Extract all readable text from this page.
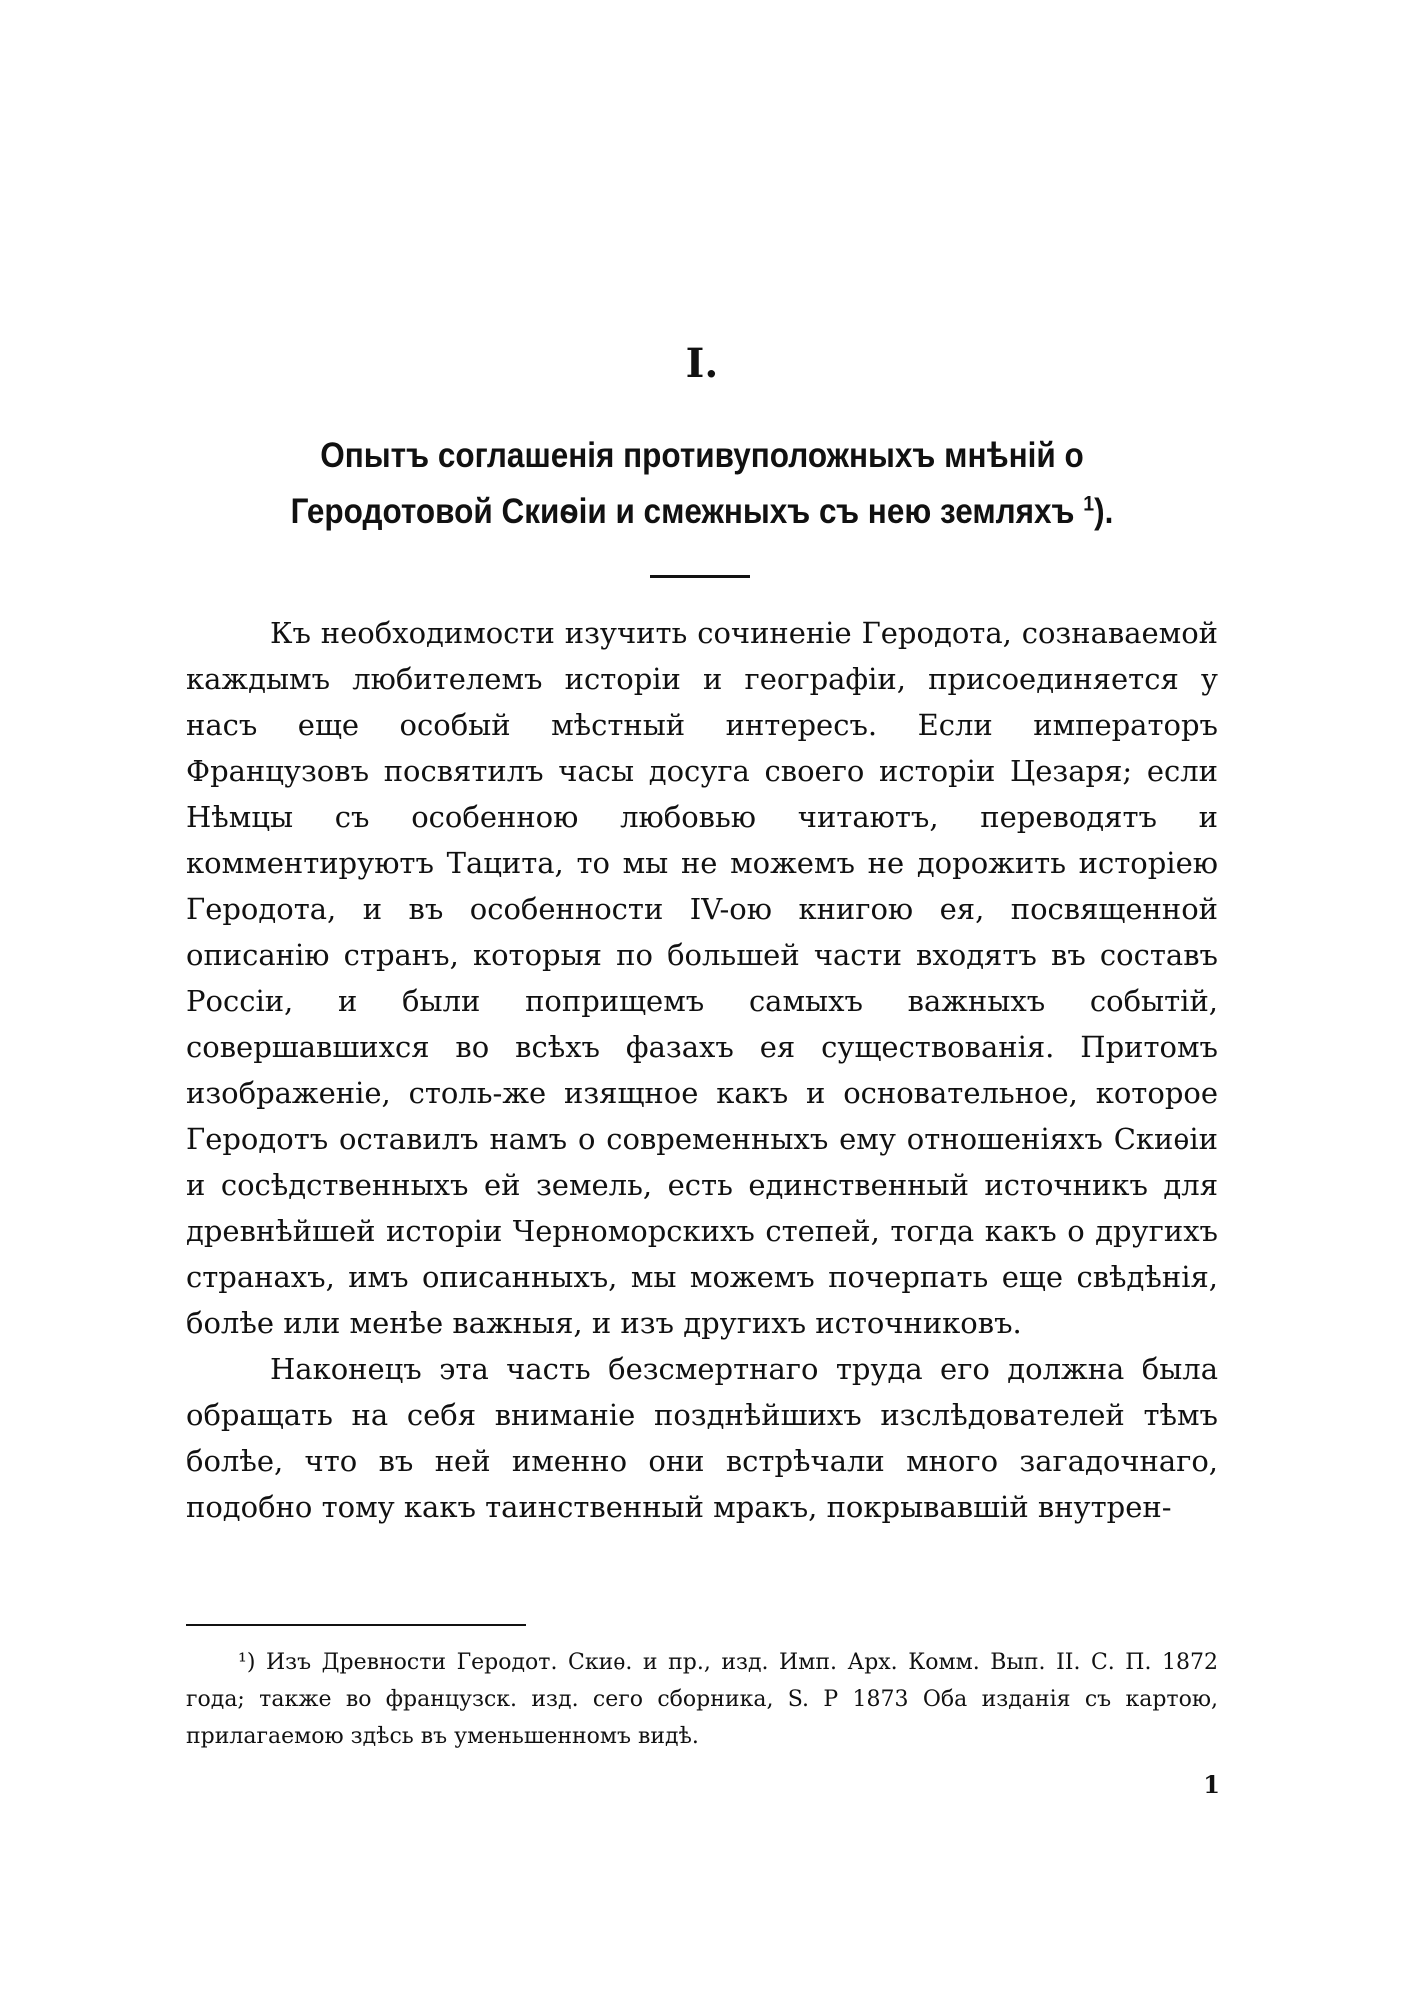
I.
Опытъ соглашенія противуположныхъ мнѣній о Геродотовой Скиѳіи и смежныхъ съ нею земляхъ $^1$).

Къ необходимости изучить сочиненіе Геродота, сознаваемой каждымъ любителемъ исторіи и географіи, присоединяется у насъ еще особый мѣстный интересъ. Если императоръ Французовъ посвятилъ часы досуга своего исторіи Цезаря; если Нѣмцы съ особенною любовью читаютъ, переводятъ и комментируютъ Тацита, то мы не можемъ не дорожить исторіею Геродота, и въ особенности IV-ою книгою ея, посвященной описанію странъ, которыя по большей части входятъ въ составъ Россіи, и были поприщемъ самыхъ важныхъ событій, совершавшихся во всѣхъ фазахъ ея существованія. Притомъ изображеніе, столь-же изящное какъ и основательное, которое Геродотъ оставилъ намъ о современныхъ ему отношеніяхъ Скиѳіи и сосѣдственныхъ ей земель, есть единственный источникъ для древнѣйшей исторіи Черноморскихъ степей, тогда какъ о другихъ странахъ, имъ описанныхъ, мы можемъ почерпать еще свѣдѣнія, болѣе или менѣе важныя, и изъ другихъ источниковъ.

Наконецъ эта часть безсмертнаго труда его должна была обращать на себя вниманіе позднѣйшихъ изслѣдователей тѣмъ болѣе, что въ ней именно они встрѣчали много загадочнаго, подобно тому какъ таинственный мракъ, покрывавшій внутрен-

¹) Изъ Древности Геродот. Скиѳ. и пр., изд. Имп. Арх. Комм. Вып. II. С. П. 1872 года; также во французск. изд. сего сборника, S. P 1873 Оба изданія съ картою, прилагаемою здѣсь въ уменьшенномъ видѣ.

1
